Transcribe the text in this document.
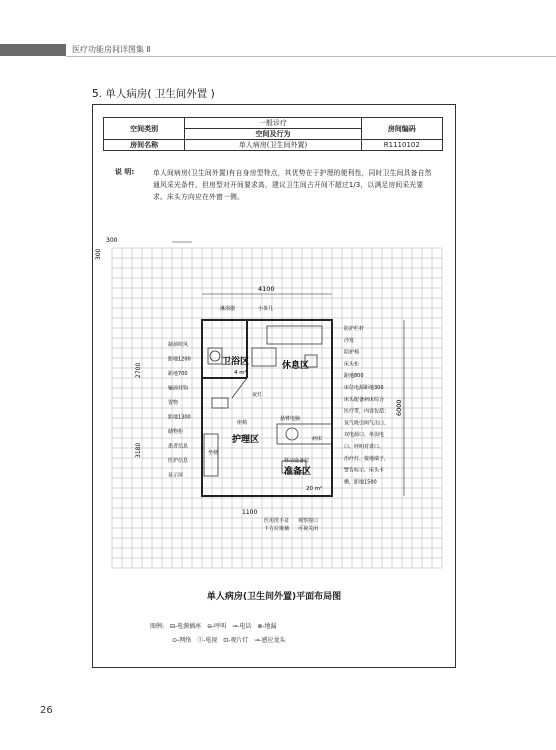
医疗功能房间详图集 Ⅱ
5. 单人病房( 卫生间外置 )
空间类别	一般诊疗	房间编码
	空间及行为	
房间名称	单人病房(卫生间外置)	R1110102
说 明:	单人间病房(卫生间外置)有自身房型特点，其优势在于护理的便利性，同时卫生间具备自然通风采光条件，但房型对开间要求高，建议卫生间占开间不超过1/3，以满足房间采光要求。床头方向应在外窗一侧。
300
300
4100
6000
2700
3180
1100
卫浴区
4 m²
休息区
护理区
准备区
20 m²
淋浴器	小茶几
制须吹风
距地1200
距地700
输液挂钩
置物
距地1300
储物柜
患者信息
医护信息
显示屏
防护栏杆
沙发
陪护椅
床头柜
距地800
床位电源距地300
床头配备病床综合
医疗带，内容包括：
氧气吸引两气出口、
双电源口、单弱电
口、呼叫对讲口、
治疗灯、接地端子，
警告标示、床头卡
槽，距地1500
座椅
夜灯
悬臂电脑
病床
坐便
移动设备位
医用洗手盆
下方垃圾桶
观察窗口
可视关闭
单人病房(卫生间外置)平面布局图
图例: ⊟-电源插座 ⊖-呼叫 ⊸-电话 ⊗-地漏
⊙-网络 Ⓣ-电视 ⊡-观片灯 ⊸-感应龙头
26
